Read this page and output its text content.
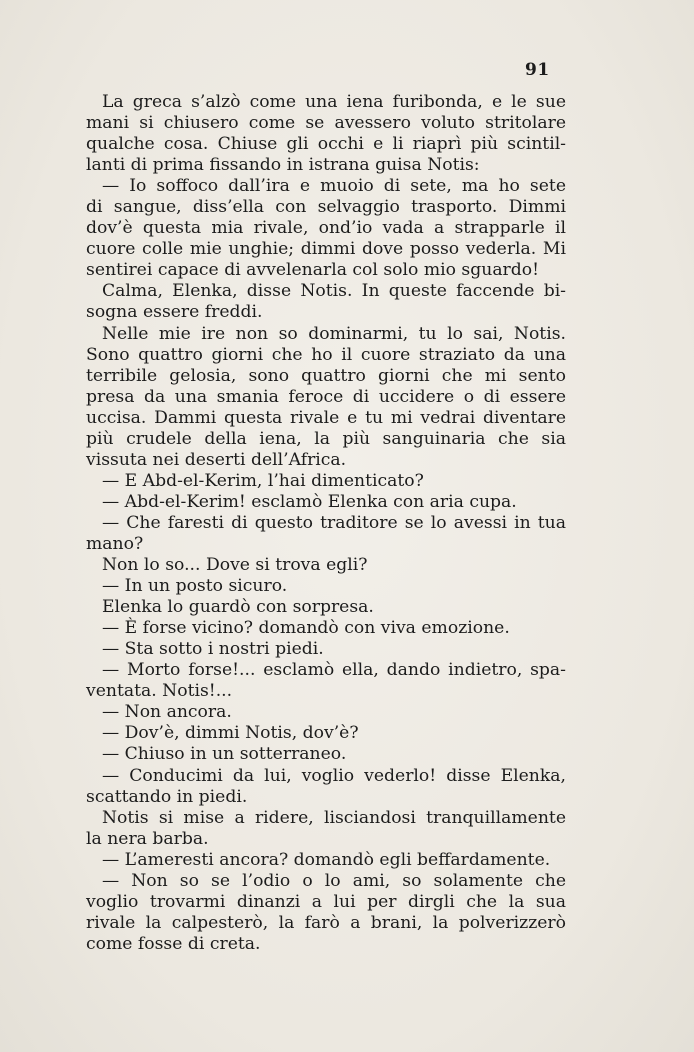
91
La greca s’alzò come una iena furibonda, e le sue
mani si chiusero come se avessero voluto stritolare
qualche cosa. Chiuse gli occhi e li riaprì più scintil-
lanti di prima fissando in istrana guisa Notis:
— Io soffoco dall’ira e muoio di sete, ma ho sete
di sangue, diss’ella con selvaggio trasporto. Dimmi
dov’è questa mia rivale, ond’io vada a strapparle il
cuore colle mie unghie; dimmi dove posso vederla. Mi
sentirei capace di avvelenarla col solo mio sguardo!
Calma, Elenka, disse Notis. In queste faccende bi-
sogna essere freddi.
Nelle mie ire non so dominarmi, tu lo sai, Notis.
Sono quattro giorni che ho il cuore straziato da una
terribile gelosia, sono quattro giorni che mi sento
presa da una smania feroce di uccidere o di essere
uccisa. Dammi questa rivale e tu mi vedrai diventare
più crudele della iena, la più sanguinaria che sia
vissuta nei deserti dell’Africa.
— E Abd-el-Kerim, l’hai dimenticato?
— Abd-el-Kerim! esclamò Elenka con aria cupa.
— Che faresti di questo traditore se lo avessi in tua
mano?
Non lo so... Dove si trova egli?
— In un posto sicuro.
Elenka lo guardò con sorpresa.
— È forse vicino? domandò con viva emozione.
— Sta sotto i nostri piedi.
— Morto forse!... esclamò ella, dando indietro, spa-
ventata. Notis!...
— Non ancora.
— Dov’è, dimmi Notis, dov’è?
— Chiuso in un sotterraneo.
— Conducimi da lui, voglio vederlo! disse Elenka,
scattando in piedi.
Notis si mise a ridere, lisciandosi tranquillamente
la nera barba.
— L’ameresti ancora? domandò egli beffardamente.
— Non so se l’odio o lo ami, so solamente che
voglio trovarmi dinanzi a lui per dirgli che la sua
rivale la calpesterò, la farò a brani, la polverizzerò
come fosse di creta.
